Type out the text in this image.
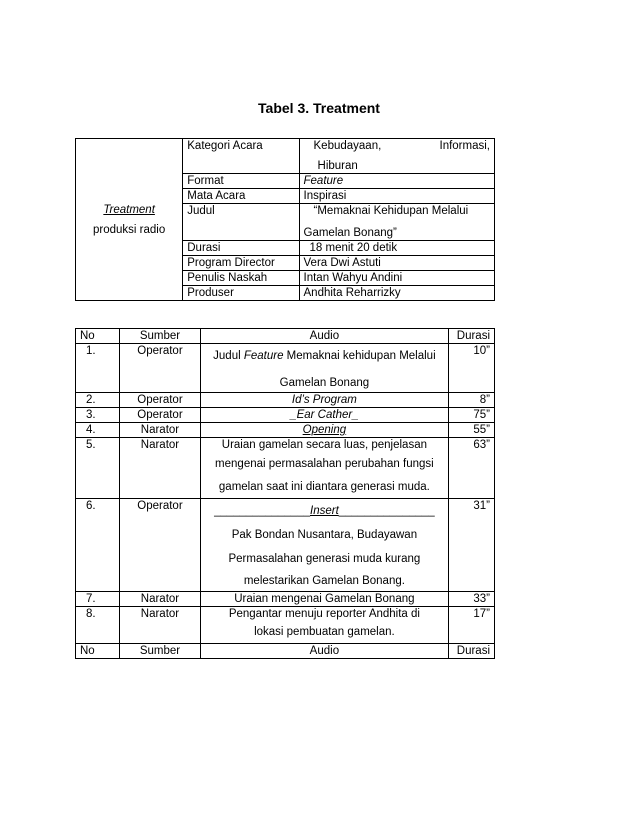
Tabel 3. Treatment
Treatment
produksi radio	Kategori Acara	Kebudayaan, Informasi,
Hiburan

	Format	Feature
	Mata Acara	Inspirasi
	Judul	“Memaknai Kehidupan Melalui
Gamelan Bonang”

	Durasi	18 menit 20 detik
	Program Director	Vera Dwi Astuti
	Penulis Naskah	Intan Wahyu Andini
	Produser	Andhita Reharrizky
No	Sumber	Audio	Durasi
1.	Operator	Judul Feature Memaknai kehidupan Melalui
Gamelan Bonang	10”
2.	Operator	Id’s Program	8”
3.	Operator	_Ear Cather_	75”
4.	Narator	Opening	55”
5.	Narator	Uraian gamelan secara luas, penjelasan
mengenai permasalahan perubahan fungsi
gamelan saat ini diantara generasi muda.	63”
6.	Operator	_______________Insert_______________
Pak Bondan Nusantara, Budayawan
Permasalahan generasi muda kurang
melestarikan Gamelan Bonang.	31”
7.	Narator	Uraian mengenai Gamelan Bonang	33”
8.	Narator	Pengantar menuju reporter Andhita di
lokasi pembuatan gamelan.	17”
No	Sumber	Audio	Durasi
